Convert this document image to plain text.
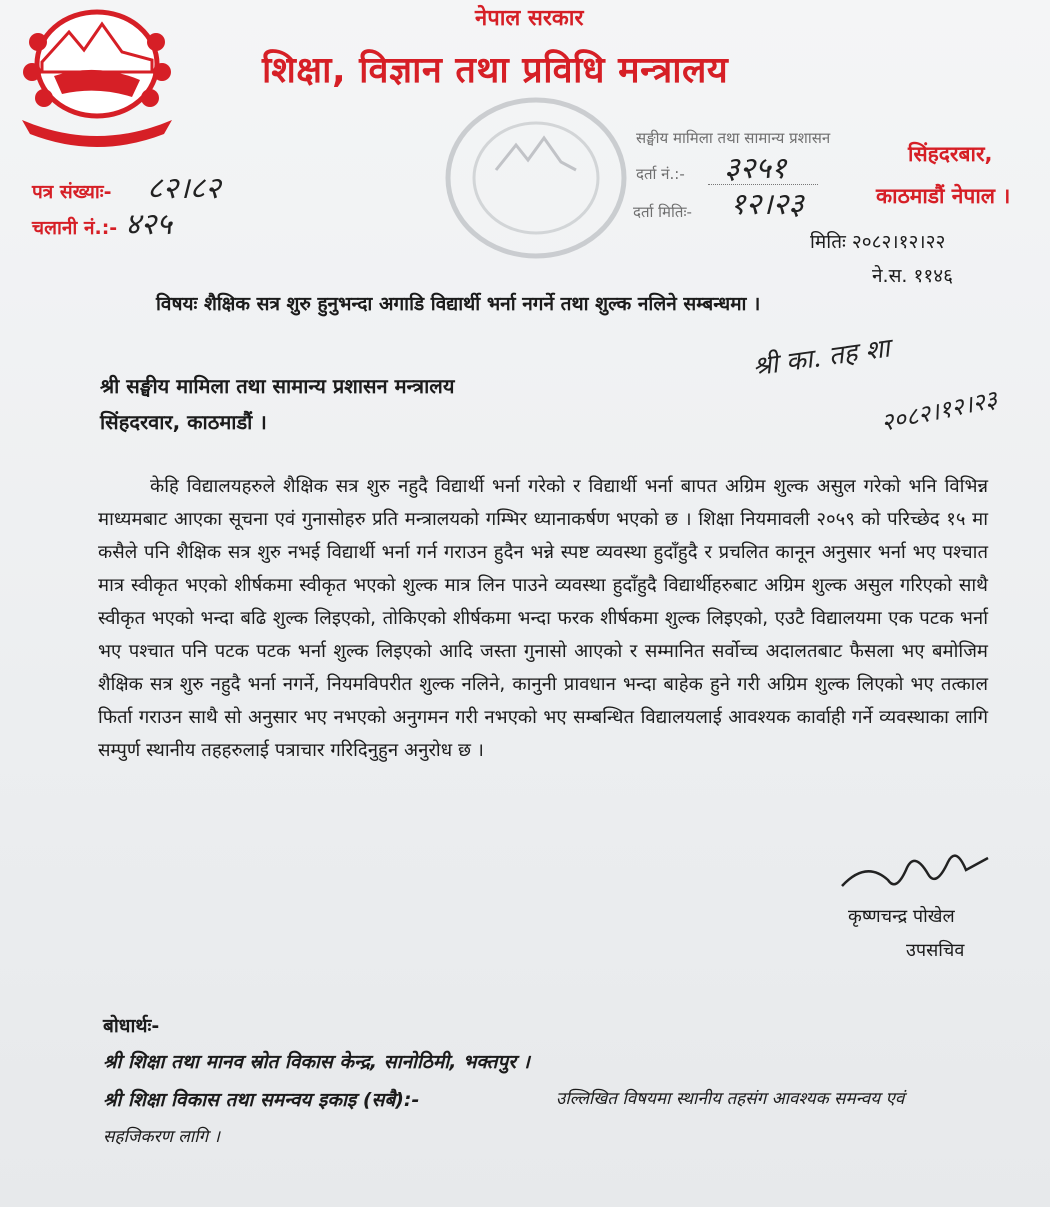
नेपाल सरकार
शिक्षा, विज्ञान तथा प्रविधि मन्त्रालय
पत्र संख्याः- ८२।८२
चलानी नं.:- ४२५
सङ्घीय मामिला तथा सामान्य प्रशासन
दर्ता नं.:- ३२५१
दर्ता मितिः- १२।२३
सिंहदरबार,
काठमाडौं नेपाल ।
मितिः २०८२।१२।२२
ने.स. ११४६
विषयः शैक्षिक सत्र शुरु हुनुभन्दा अगाडि विद्यार्थी भर्ना नगर्ने तथा शुल्क नलिने सम्बन्धमा ।
श्री सङ्घीय मामिला तथा सामान्य प्रशासन मन्त्रालय
सिंहदरवार, काठमाडौं ।
श्री का. तह शा
२०८२।१२।२३
केहि विद्यालयहरुले शैक्षिक सत्र शुरु नहुदै विद्यार्थी भर्ना गरेको र विद्यार्थी भर्ना बापत अग्रिम शुल्क असुल गरेको भनि विभिन्न माध्यमबाट आएका सूचना एवं गुनासोहरु प्रति मन्त्रालयको गम्भिर ध्यानाकर्षण भएको छ । शिक्षा नियमावली २०५९ को परिच्छेद १५ मा कसैले पनि शैक्षिक सत्र शुरु नभई विद्यार्थी भर्ना गर्न गराउन हुदैन भन्ने स्पष्ट व्यवस्था हुदाँहुदै र प्रचलित कानून अनुसार भर्ना भए पश्चात मात्र स्वीकृत भएको शीर्षकमा स्वीकृत भएको शुल्क मात्र लिन पाउने व्यवस्था हुदाँहुदै विद्यार्थीहरुबाट अग्रिम शुल्क असुल गरिएको साथै स्वीकृत भएको भन्दा बढि शुल्क लिइएको, तोकिएको शीर्षकमा भन्दा फरक शीर्षकमा शुल्क लिइएको, एउटै विद्यालयमा एक पटक भर्ना भए पश्चात पनि पटक पटक भर्ना शुल्क लिइएको आदि जस्ता गुनासो आएको र सम्मानित सर्वोच्च अदालतबाट फैसला भए बमोजिम शैक्षिक सत्र शुरु नहुदै भर्ना नगर्ने, नियमविपरीत शुल्क नलिने, कानुनी प्रावधान भन्दा बाहेक हुने गरी अग्रिम शुल्क लिएको भए तत्काल फिर्ता गराउन साथै सो अनुसार भए नभएको अनुगमन गरी नभएको भए सम्बन्धित विद्यालयलाई आवश्यक कार्वाही गर्ने व्यवस्थाका लागि सम्पुर्ण स्थानीय तहहरुलाई पत्राचार गरिदिनुहुन अनुरोध छ ।
कृष्णचन्द्र पोखेल
उपसचिव
बोधार्थः-
श्री शिक्षा तथा मानव स्रोत विकास केन्द्र, सानोठिमी, भक्तपुर ।
श्री शिक्षा विकास तथा समन्वय इकाइ (सबै):-	उल्लिखित विषयमा स्थानीय तहसंग आवश्यक समन्वय एवं
सहजिकरण लागि ।
